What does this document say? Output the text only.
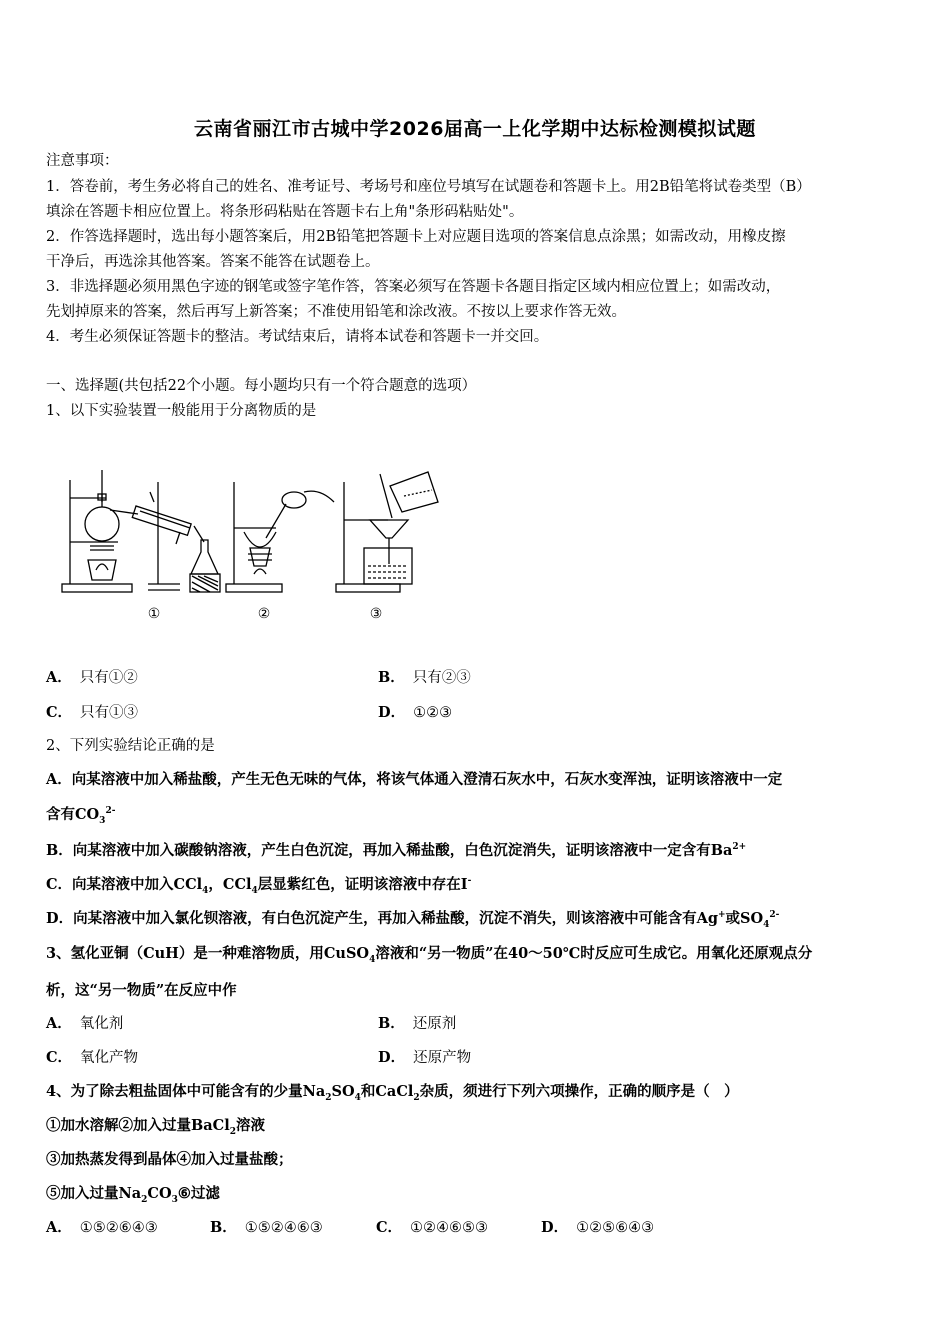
云南省丽江市古城中学2026届高一上化学期中达标检测模拟试题
注意事项：
1．答卷前，考生务必将自己的姓名、准考证号、考场号和座位号填写在试题卷和答题卡上。用2B铅笔将试卷类型（B）
填涂在答题卡相应位置上。将条形码粘贴在答题卡右上角"条形码粘贴处"。
2．作答选择题时，选出每小题答案后，用2B铅笔把答题卡上对应题目选项的答案信息点涂黑；如需改动，用橡皮擦
干净后，再选涂其他答案。答案不能答在试题卷上。
3．非选择题必须用黑色字迹的钢笔或签字笔作答，答案必须写在答题卡各题目指定区域内相应位置上；如需改动，
先划掉原来的答案，然后再写上新答案；不准使用铅笔和涂改液。不按以上要求作答无效。
4．考生必须保证答题卡的整洁。考试结束后，请将本试卷和答题卡一并交回。
一、选择题(共包括22个小题。每小题均只有一个符合题意的选项）
1、以下实验装置一般能用于分离物质的是
①	②	③
A． 只有①②	B． 只有②③
C． 只有①③	D． ①②③
2、下列实验结论正确的是
A．向某溶液中加入稀盐酸，产生无色无味的气体，将该气体通入澄清石灰水中，石灰水变浑浊，证明该溶液中一定
含有$CO_3^{2-}$
B．向某溶液中加入碳酸钠溶液，产生白色沉淀，再加入稀盐酸，白色沉淀消失，证明该溶液中一定含有$Ba^{2+}$
C．向某溶液中加入CCl$_4$，CCl$_4$层显紫红色，证明该溶液中存在I-
D．向某溶液中加入氯化钡溶液，有白色沉淀产生，再加入稀盐酸，沉淀不消失，则该溶液中可能含有Ag+或$SO_4^{2-}$
3、氢化亚铜（CuH）是一种难溶物质，用CuSO$_4$溶液和“另一物质”在40～50℃时反应可生成它。用氧化还原观点分
析，这“另一物质”在反应中作
A． 氧化剂	B． 还原剂
C． 氧化产物	D． 还原产物
4、为了除去粗盐固体中可能含有的少量$Na_2SO_4$和CaCl$_2$杂质，须进行下列六项操作，正确的顺序是（　）
①加水溶解②加入过量BaCl$_2$溶液
③加热蒸发得到晶体④加入过量盐酸；
⑤加入过量$Na_2CO_3⑥$过滤
A． ①⑤②⑥④③	B． ①⑤②④⑥③	C． ①②④⑥⑤③	D． ①②⑤⑥④③
